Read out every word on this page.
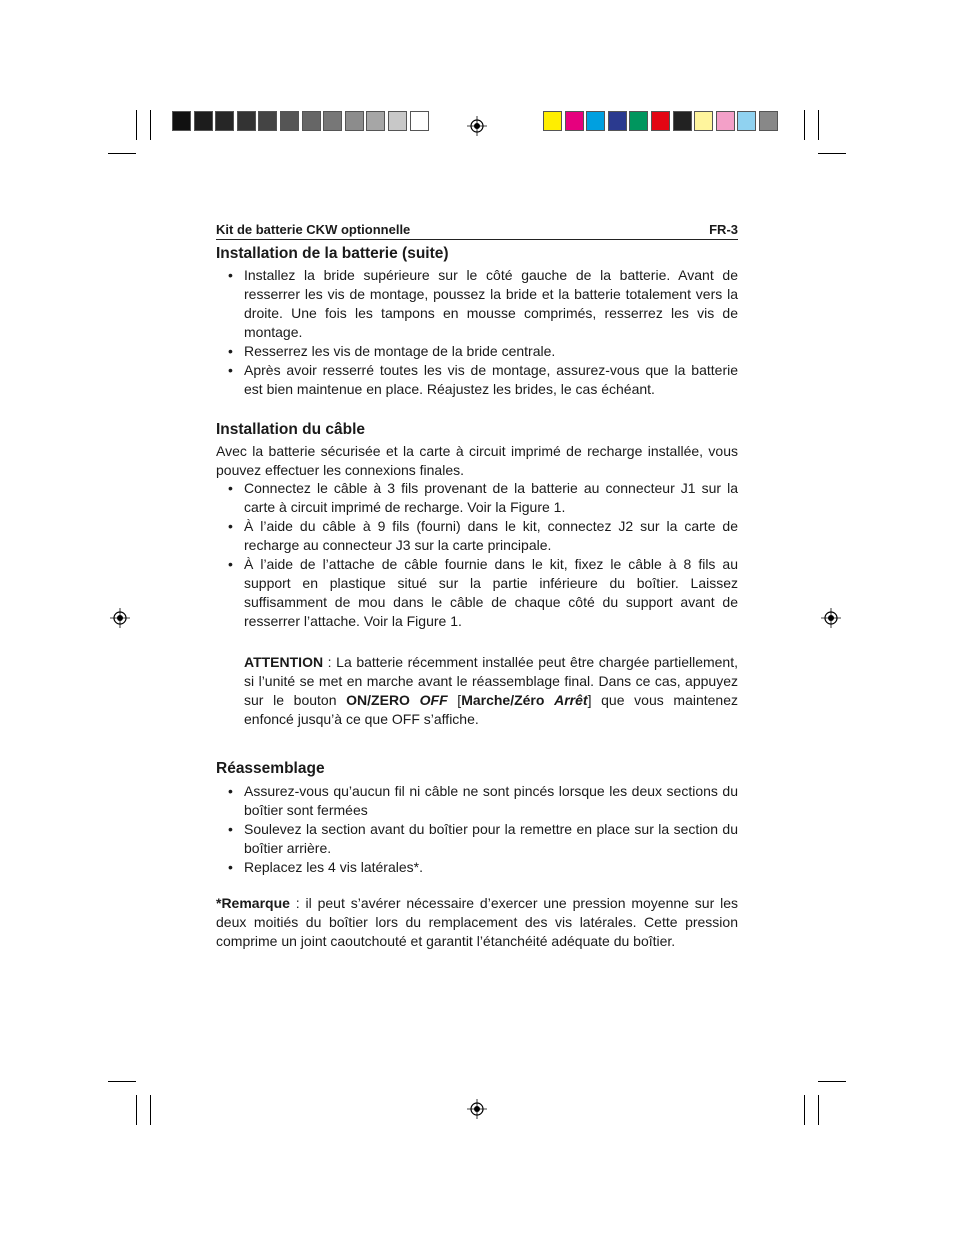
Kit de batterie CKW optionnelle	FR-3
Installation de la batterie (suite)
• Installez la bride supérieure sur le côté gauche de la batterie. Avant de resserrer les vis de montage, poussez la bride et la batterie totalement vers la droite. Une fois les tampons en mousse comprimés, resserrez les vis de montage.
• Resserrez les vis de montage de la bride centrale.
• Après avoir resserré toutes les vis de montage, assurez-vous que la batterie est bien maintenue en place. Réajustez les brides, le cas échéant.
Installation du câble
Avec la batterie sécurisée et la carte à circuit imprimé de recharge installée, vous pouvez effectuer les connexions finales.
• Connectez le câble à 3 fils provenant de la batterie au connecteur J1 sur la carte à circuit imprimé de recharge. Voir la Figure 1.
• À l’aide du câble à 9 fils (fourni) dans le kit, connectez J2 sur la carte de recharge au connecteur J3 sur la carte principale.
• À l’aide de l’attache de câble fournie dans le kit, fixez le câble à 8 fils au support en plastique situé sur la partie inférieure du boîtier. Laissez suffisamment de mou dans le câble de chaque côté du support avant de resserrer l’attache. Voir la Figure 1.
ATTENTION : La batterie récemment installée peut être chargée partiellement, si l’unité se met en marche avant le réassemblage final. Dans ce cas, appuyez sur le bouton ON/ZERO OFF [Marche/Zéro Arrêt] que vous maintenez enfoncé jusqu’à ce que OFF s’affiche.
Réassemblage
• Assurez-vous qu’aucun fil ni câble ne sont pincés lorsque les deux sections du boîtier sont fermées
• Soulevez la section avant du boîtier pour la remettre en place sur la section du boîtier arrière.
• Replacez les 4 vis latérales*.
*Remarque : il peut s’avérer nécessaire d’exercer une pression moyenne sur les deux moitiés du boîtier lors du remplacement des vis latérales. Cette pression comprime un joint caoutchouté et garantit l’étanchéité adéquate du boîtier.
